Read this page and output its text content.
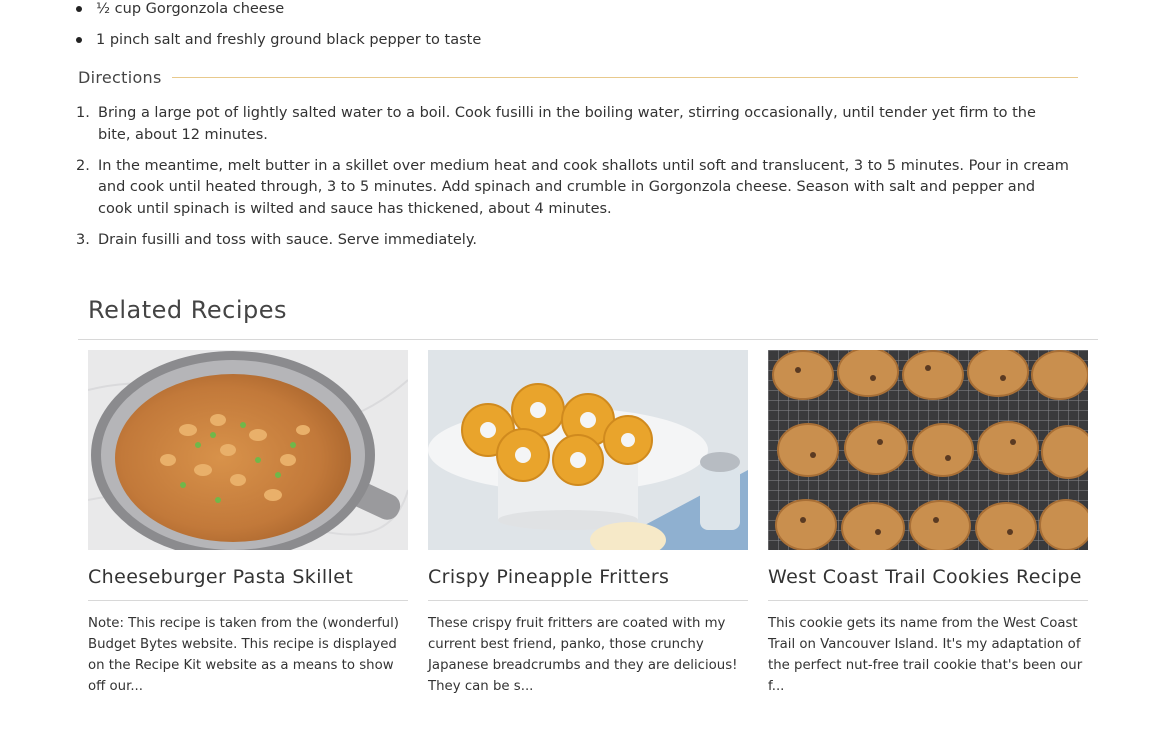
½ cup Gorgonzola cheese
1 pinch salt and freshly ground black pepper to taste
Directions
1. Bring a large pot of lightly salted water to a boil. Cook fusilli in the boiling water, stirring occasionally, until tender yet firm to the bite, about 12 minutes.
2. In the meantime, melt butter in a skillet over medium heat and cook shallots until soft and translucent, 3 to 5 minutes. Pour in cream and cook until heated through, 3 to 5 minutes. Add spinach and crumble in Gorgonzola cheese. Season with salt and pepper and cook until spinach is wilted and sauce has thickened, about 4 minutes.
3. Drain fusilli and toss with sauce. Serve immediately.
Related Recipes
Cheeseburger Pasta Skillet
Note: This recipe is taken from the (wonderful) Budget Bytes website. This recipe is displayed on the Recipe Kit website as a means to show off our...
Crispy Pineapple Fritters
These crispy fruit fritters are coated with my current best friend, panko, those crunchy Japanese breadcrumbs and they are delicious! They can be s...
West Coast Trail Cookies Recipe
This cookie gets its name from the West Coast Trail on Vancouver Island. It's my adaptation of the perfect nut-free trail cookie that's been our f...
